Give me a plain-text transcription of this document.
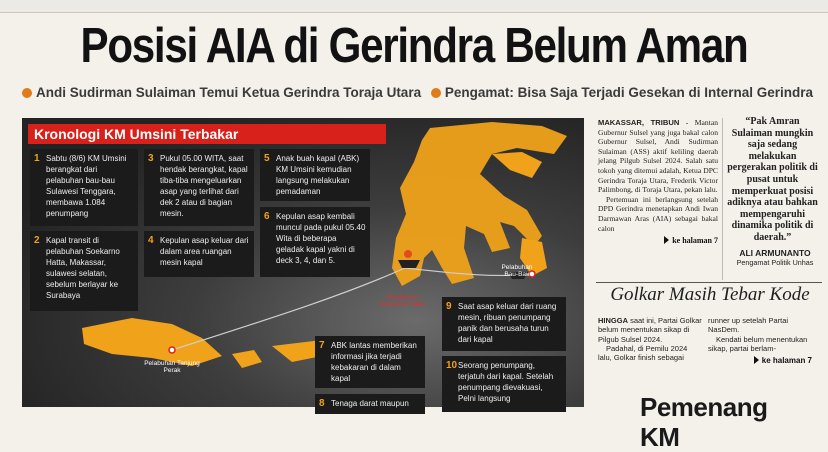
Posisi AIA di Gerindra Belum Aman
Andi Sudirman Sulaiman Temui Ketua Gerindra Toraja Utara Pengamat: Bisa Saja Terjadi Gesekan di Internal Gerindra
Kronologi KM Umsini Terbakar
1 Sabtu (8/6) KM Umsini berangkat dari pelabuhan bau-bau Sulawesi Tenggara, membawa 1.084 penumpang
2 Kapal transit di pelabuhan Soekarno Hatta, Makassar, sulawesi selatan, sebelum berlayar ke Surabaya
3 Pukul 05.00 WITA, saat hendak berangkat, kapal tiba-tiba mengeluarkan asap yang terlihat dari dek 2 atau di bagian mesin.
4 Kepulan asap keluar dari dalam area ruangan mesin kapal
5 Anak buah kapal (ABK) KM Umsini kemudian langsung melakukan pemadaman
6 Kepulan asap kembali muncul pada pukul 05.40 Wita di beberapa geladak kapal yakni di deck 3, 4, dan 5.
7 ABK lantas memberikan informasi jika terjadi kebakaran di dalam kapal
8 Tenaga darat maupun
9 Saat asap keluar dari ruang mesin, ribuan penumpang panik dan berusaha turun dari kapal
10 Seorang penumpang, terjatuh dari kapal. Setelah penumpang dievakuasi, Pelni langsung
Pelabuhan Bau-Bau
Pelabuhan Soekarno Hatta
Pelabuhan Tanjung Perak
MAKASSAR, TRIBUN - Mantan Gubernur Sulsel yang juga bakal calon Gubernur Sulsel, Andi Sudirman Sulaiman (ASS) aktif keliling daerah jelang Pilgub Sulsel 2024. Salah satu tokoh yang ditemui adalah, Ketua DPC Gerindra Toraja Utara, Frederik Victor Palimbong, di Toraja Utara, pekan lalu.
Pertemuan ini berlangsung setelah DPD Gerindra menetapkan Andi Iwan Darmawan Aras (AIA) sebagai bakal calon
ke halaman 7
“Pak Amran Sulaiman mungkin saja sedang melakukan pergerakan politik di pusat untuk memperkuat posisi adiknya atau bahkan mempengaruhi dinamika politik di daerah.”
ALI ARMUNANTO
Pengamat Politik Unhas
Golkar Masih Tebar Kode
HINGGA saat ini, Partai Golkar belum menentukan sikap di Pilgub Sulsel 2024.
Padahal, di Pemilu 2024 lalu, Golkar finish sebagai
runner up setelah Partai NasDem.
Kendati belum menentukan sikap, partai berlam-
ke halaman 7
Pemenang KM
